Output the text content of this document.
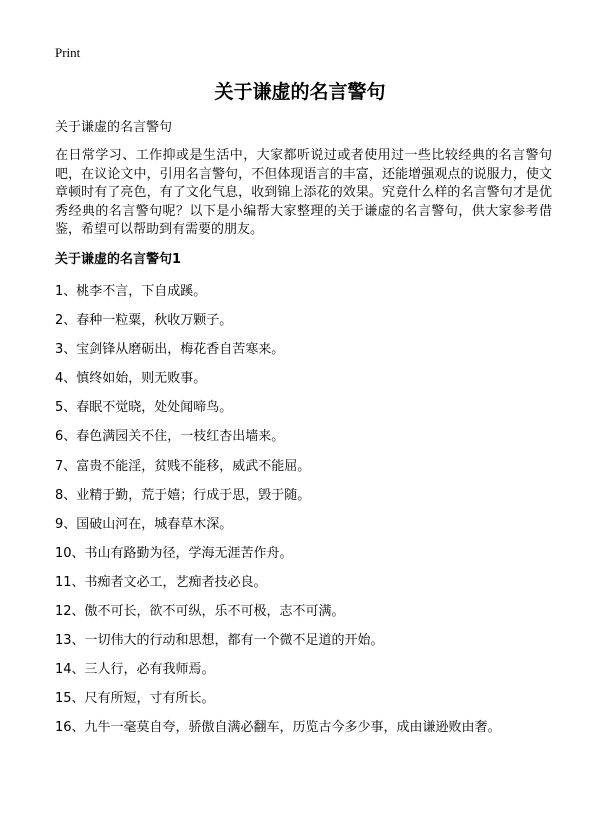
Print
关于谦虚的名言警句

关于谦虚的名言警句

在日常学习、工作抑或是生活中，大家都听说过或者使用过一些比较经典的名言警句吧，在议论文中，引用名言警句，不但体现语言的丰富，还能增强观点的说服力，使文章顿时有了亮色，有了文化气息，收到锦上添花的效果。究竟什么样的名言警句才是优秀经典的名言警句呢？以下是小编帮大家整理的关于谦虚的名言警句，供大家参考借鉴，希望可以帮助到有需要的朋友。

关于谦虚的名言警句1
1、桃李不言，下自成蹊。
2、春种一粒粟，秋收万颗子。
3、宝剑锋从磨砺出，梅花香自苦寒来。
4、慎终如始，则无败事。
5、春眠不觉晓，处处闻啼鸟。
6、春色满园关不住，一枝红杏出墙来。
7、富贵不能淫，贫贱不能移，威武不能屈。
8、业精于勤，荒于嬉；行成于思，毁于随。
9、国破山河在，城春草木深。
10、书山有路勤为径，学海无涯苦作舟。
11、书痴者文必工，艺痴者技必良。
12、傲不可长，欲不可纵，乐不可极，志不可满。
13、一切伟大的行动和思想，都有一个微不足道的开始。
14、三人行，必有我师焉。
15、尺有所短，寸有所长。
16、九牛一毫莫自夸，骄傲自满必翻车，历览古今多少事，成由谦逊败由奢。
